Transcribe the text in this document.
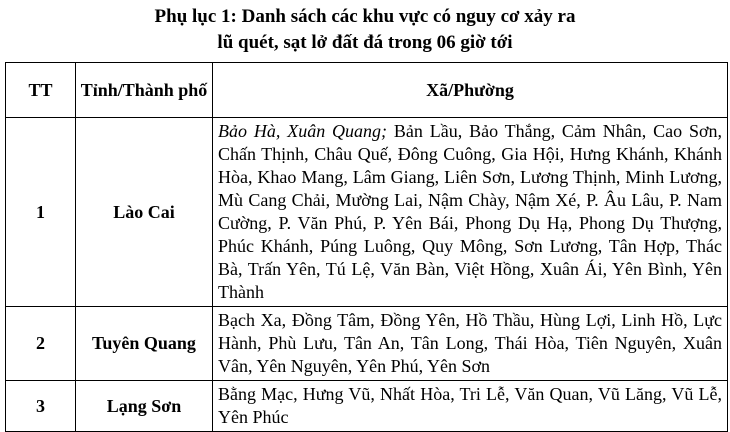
Phụ lục 1: Danh sách các khu vực có nguy cơ xảy ra
lũ quét, sạt lở đất đá trong 06 giờ tới
TT	Tỉnh/Thành phố	Xã/Phường
1	Lào Cai	Bảo Hà, Xuân Quang; Bản Lầu, Bảo Thắng, Cảm Nhân, Cao Sơn, Chấn Thịnh, Châu Quế, Đông Cuông, Gia Hội, Hưng Khánh, Khánh Hòa, Khao Mang, Lâm Giang, Liên Sơn, Lương Thịnh, Minh Lương, Mù Cang Chải, Mường Lai, Nậm Chày, Nậm Xé, P. Âu Lâu, P. Nam Cường, P. Văn Phú, P. Yên Bái, Phong Dụ Hạ, Phong Dụ Thượng, Phúc Khánh, Púng Luông, Quy Mông, Sơn Lương, Tân Hợp, Thác Bà, Trấn Yên, Tú Lệ, Văn Bàn, Việt Hồng, Xuân Ái, Yên Bình, Yên Thành
2	Tuyên Quang	Bạch Xa, Đồng Tâm, Đồng Yên, Hồ Thầu, Hùng Lợi, Linh Hồ, Lực Hành, Phù Lưu, Tân An, Tân Long, Thái Hòa, Tiên Nguyên, Xuân Vân, Yên Nguyên, Yên Phú, Yên Sơn
3	Lạng Sơn	Bằng Mạc, Hưng Vũ, Nhất Hòa, Tri Lễ, Văn Quan, Vũ Lăng, Vũ Lễ, Yên Phúc
